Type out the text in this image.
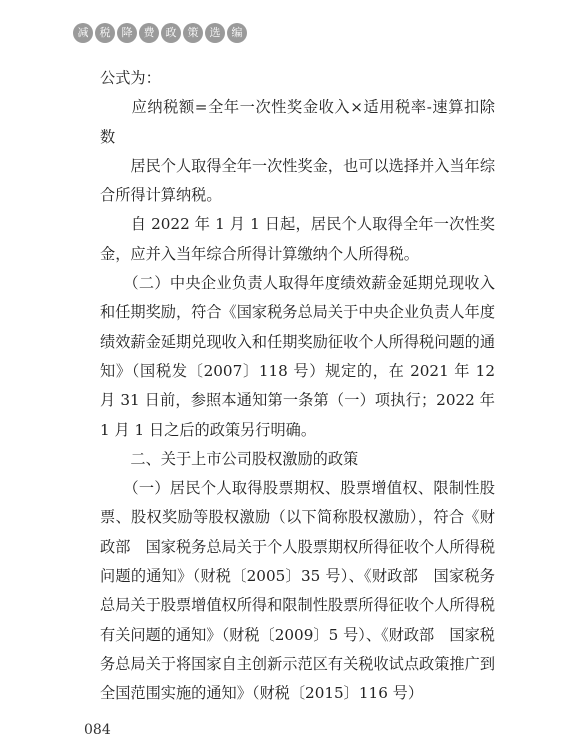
减	税	降	费	政	策	选	编

公式为：

　　应纳税额=全年一次性奖金收入×适用税率-速算扣除数

　　居民个人取得全年一次性奖金，也可以选择并入当年综合所得计算纳税。

　　自 2022 年 1 月 1 日起，居民个人取得全年一次性奖金，应并入当年综合所得计算缴纳个人所得税。

　　（二）中央企业负责人取得年度绩效薪金延期兑现收入和任期奖励，符合《国家税务总局关于中央企业负责人年度绩效薪金延期兑现收入和任期奖励征收个人所得税问题的通知》（国税发〔2007〕118 号）规定的，在 2021 年 12 月 31 日前，参照本通知第一条第（一）项执行；2022 年 1 月 1 日之后的政策另行明确。

　　二、关于上市公司股权激励的政策

　　（一）居民个人取得股票期权、股票增值权、限制性股票、股权奖励等股权激励（以下简称股权激励），符合《财政部　国家税务总局关于个人股票期权所得征收个人所得税问题的通知》（财税〔2005〕35 号）、《财政部　国家税务总局关于股票增值权所得和限制性股票所得征收个人所得税有关问题的通知》（财税〔2009〕5 号）、《财政部　国家税务总局关于将国家自主创新示范区有关税收试点政策推广到全国范围实施的通知》（财税〔2015〕116 号）

084
